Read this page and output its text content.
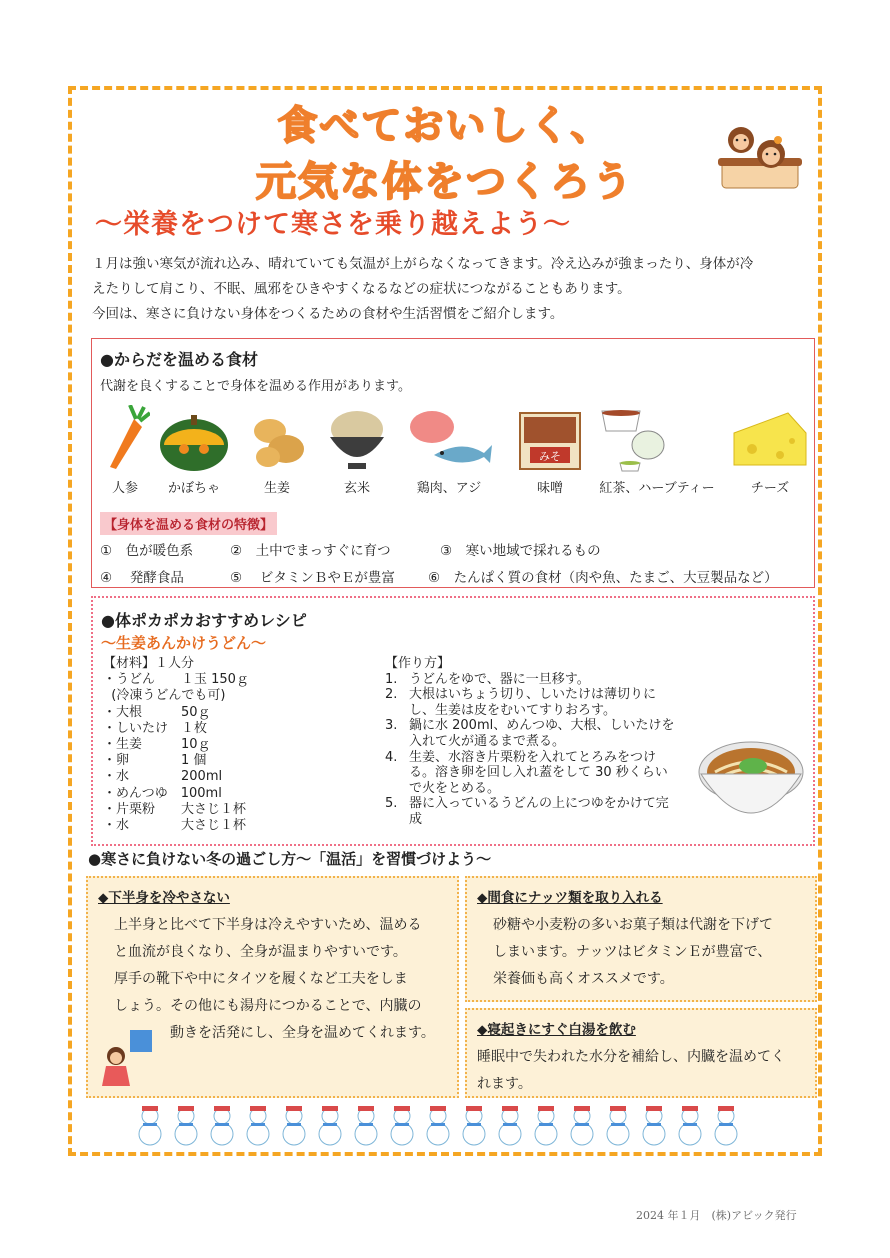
食べておいしく、
元気な体をつくろう
～栄養をつけて寒さを乗り越えよう～

１月は強い寒気が流れ込み、晴れていても気温が上がらなくなってきます。冷え込みが強まったり、身体が冷

えたりして肩こり、不眠、風邪をひきやすくなるなどの症状につながることもあります。

今回は、寒さに負けない身体をつくるための食材や生活習慣をご紹介します。

●からだを温める食材
代謝を良くすることで身体を温める作用があります。
人参	かぼちゃ	生姜	玄米	鶏肉、アジ
みそ
味噌	紅茶、ハーブティー	チーズ
【身体を温める食材の特徴】
①　色が暖色系	②　土中でまっすぐに育つ	③　寒い地域で採れるもの
④　 発酵食品	⑤　 ビタミンＢやＥが豊富 ⑥　たんぱく質の食材（肉や魚、たまご、大豆製品など）
●体ポカポカおすすめレシピ
～生姜あんかけうどん～
【材料】１人分
・うどん　　１玉 150ｇ
(冷凍うどんでも可)
・大根　　　50ｇ
・しいたけ　１枚
・生姜　　　10ｇ
・卵　　　　1 個
・水　　　　200ml
・めんつゆ　100ml
・片栗粉　　大さじ１杯
・水　　　　大さじ１杯
【作り方】
1. うどんをゆで、器に一旦移す。
2. 大根はいちょう切り、しいたけは薄切りにし、生姜は皮をむいてすりおろす。
3. 鍋に水 200ml、めんつゆ、大根、しいたけを入れて火が通るまで煮る。
4. 生姜、水溶き片栗粉を入れてとろみをつける。溶き卵を回し入れ蓋をして 30 秒くらいで火をとめる。
5. 器に入っているうどんの上につゆをかけて完成
●寒さに負けない冬の過ごし方～「温活」を習慣づけよう～
◆下半身を冷やさない

上半身と比べて下半身は冷えやすいため、温める

と血流が良くなり、全身が温まりやすいです。

厚手の靴下や中にタイツを履くなど工夫をしま

しょう。その他にも湯舟につかることで、内臓の

動きを活発にし、全身を温めてくれます。

◆間食にナッツ類を取り入れる

砂糖や小麦粉の多いお菓子類は代謝を下げて

しまいます。ナッツはビタミンＥが豊富で、

栄養価も高くオススメです。

◆寝起きにすぐ白湯を飲む

睡眠中で失われた水分を補給し、内臓を温めてく

れます。

2024 年１月　(株)アビック発行
